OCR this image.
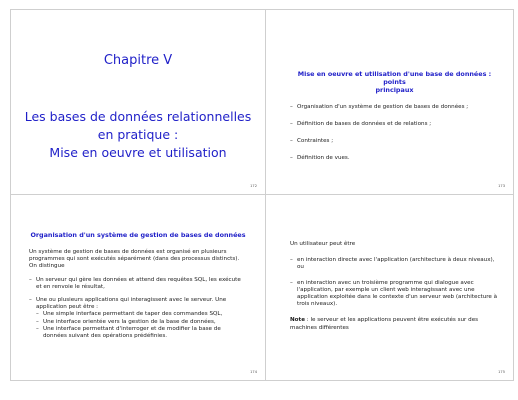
Chapitre V
Les bases de données relationnelles
en pratique :
Mise en oeuvre et utilisation
172
Mise en oeuvre et utilisation d'une base de données : points
principaux
– Organisation d'un système de gestion de bases de données ;
– Définition de bases de données et de relations ;
– Contraintes ;
– Définition de vues.
173
Organisation d'un système de gestion de bases de données

Un système de gestion de bases de données est organisé en plusieurs
programmes qui sont exécutés séparément (dans des processus distincts).
On distingue

– Un serveur qui gère les données et attend des requêtes SQL, les exécute
et en renvoie le résultat,
– Une ou plusieurs applications qui interagissent avec le serveur. Une
application peut être :
– Une simple interface permettant de taper des commandes SQL,
– Une interface orientée vers la gestion de la base de données,
– Une interface permettant d'interroger et de modifier la base de
données suivant des opérations prédéfinies.
174

Un utilisateur peut être

– en interaction directe avec l'application (architecture à deux niveaux),
ou
– en interaction avec un troisième programme qui dialogue avec
l'application, par exemple un client web interagissant avec une
application exploitée dans le contexte d'un serveur web (architecture à
trois niveaux).

Note : le serveur et les applications peuvent être exécutés sur des
machines différentes

175
